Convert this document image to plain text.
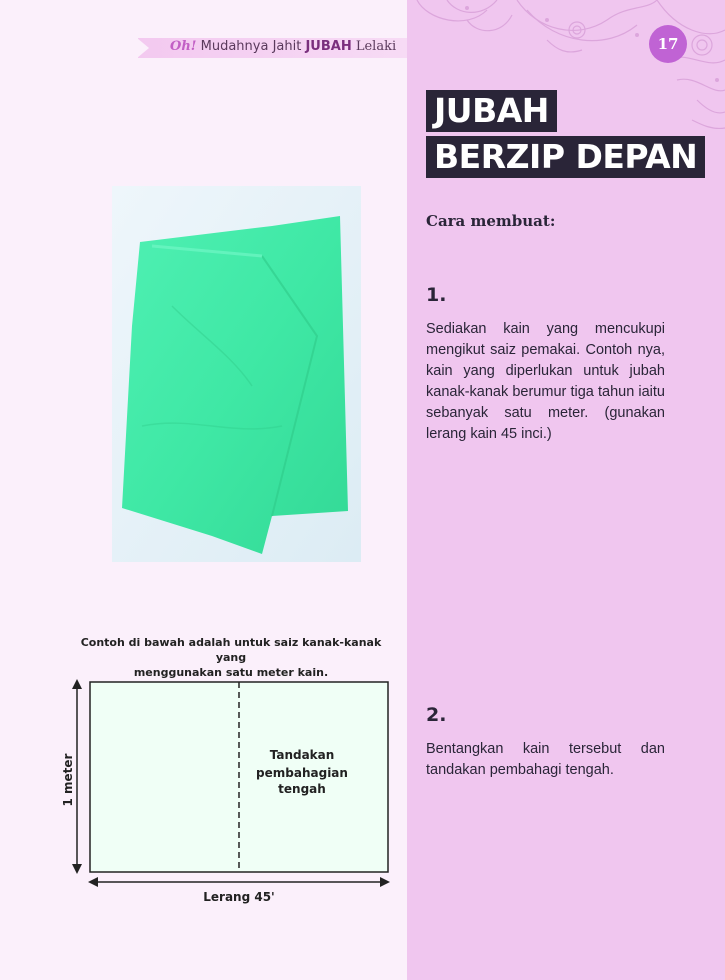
Oh! Mudahnya Jahit JUBAH Lelaki	17
JUBAH
BERZIP DEPAN
Cara membuat:
1.
Sediakan kain yang mencukupi mengikut saiz pemakai. Contoh nya, kain yang diperlukan untuk jubah kanak-kanak berumur tiga tahun iaitu sebanyak satu meter. (gunakan lerang kain 45 inci.)
2.
Bentangkan kain tersebut dan tandakan pembahagi tengah.
Contoh di bawah adalah untuk saiz kanak-kanak yang
menggunakan satu meter kain.
1 meter
Lerang 45'
Tandakan
pembahagian
tengah
